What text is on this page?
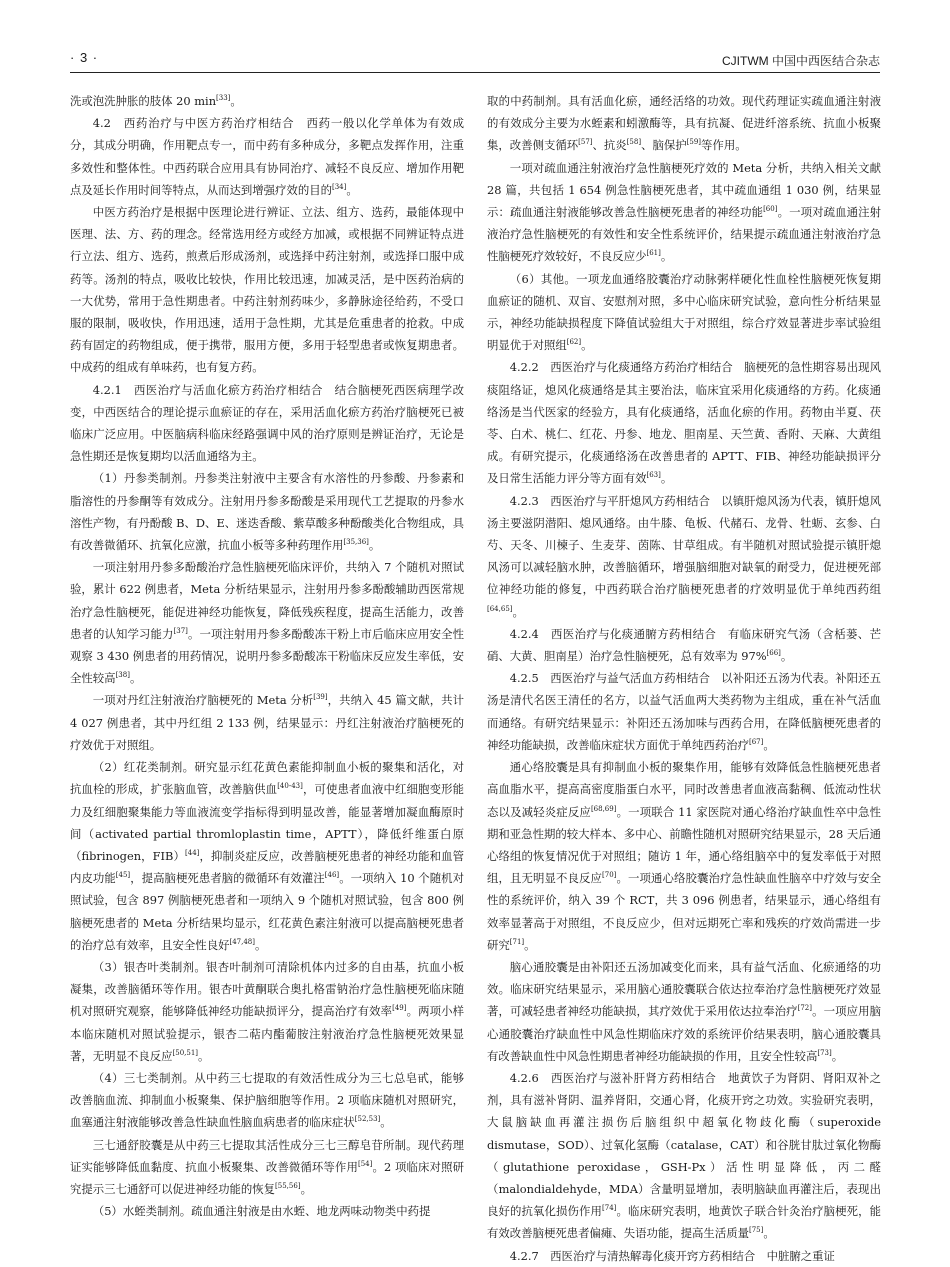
· 3 ·	CJITWM 中国中西医结合杂志

洗或泡洗肿胀的肢体 20 min[33]。

4.2　西药治疗与中医方药治疗相结合　西药一般以化学单体为有效成分，其成分明确，作用靶点专一，而中药有多种成分，多靶点发挥作用，注重多效性和整体性。中西药联合应用具有协同治疗、减轻不良反应、增加作用靶点及延长作用时间等特点，从而达到增强疗效的目的[34]。

中医方药治疗是根据中医理论进行辨证、立法、组方、选药，最能体现中医理、法、方、药的理念。经常选用经方或经方加减，或根据不同辨证特点进行立法、组方、选药，煎煮后形成汤剂，或选择中药注射剂，或选择口服中成药等。汤剂的特点，吸收比较快，作用比较迅速，加减灵活，是中医药治病的一大优势，常用于急性期患者。中药注射剂药味少，多静脉途径给药，不受口服的限制，吸收快，作用迅速，适用于急性期，尤其是危重患者的抢救。中成药有固定的药物组成，便于携带，服用方便，多用于轻型患者或恢复期患者。中成药的组成有单味药，也有复方药。

4.2.1　西医治疗与活血化瘀方药治疗相结合　结合脑梗死西医病理学改变，中西医结合的理论提示血瘀证的存在，采用活血化瘀方药治疗脑梗死已被临床广泛应用。中医脑病科临床经路强调中风的治疗原则是辨证治疗，无论是急性期还是恢复期均以活血通络为主。

（1）丹参类制剂。丹参类注射液中主要含有水溶性的丹参酸、丹参素和脂溶性的丹参酮等有效成分。注射用丹参多酚酸是采用现代工艺提取的丹参水溶性产物，有丹酚酸 B、D、E、迷迭香酸、紫草酸多种酚酸类化合物组成，具有改善微循环、抗氧化应激，抗血小板等多种药理作用[35,36]。

一项注射用丹参多酚酸治疗急性脑梗死临床评价，共纳入 7 个随机对照试验，累计 622 例患者，Meta 分析结果显示，注射用丹参多酚酸辅助西医常规治疗急性脑梗死，能促进神经功能恢复，降低残疾程度，提高生活能力，改善患者的认知学习能力[37]。一项注射用丹参多酚酸冻干粉上市后临床应用安全性观察 3 430 例患者的用药情况，说明丹参多酚酸冻干粉临床反应发生率低，安全性较高[38]。

一项对丹红注射液治疗脑梗死的 Meta 分析[39]，共纳入 45 篇文献，共计 4 027 例患者，其中丹红组 2 133 例，结果显示：丹红注射液治疗脑梗死的疗效优于对照组。

（2）红花类制剂。研究显示红花黄色素能抑制血小板的聚集和活化，对抗血栓的形成，扩张脑血管，改善脑供血[40-43]，可使患者血液中红细胞变形能力及红细胞聚集能力等血液流变学指标得到明显改善，能显著增加凝血酶原时间（activated partial thromloplastin time，APTT），降低纤维蛋白原（fibrinogen，FIB）[44]，抑制炎症反应，改善脑梗死患者的神经功能和血管内皮功能[45]，提高脑梗死患者脑的微循环有效灌注[46]。一项纳入 10 个随机对照试验，包含 897 例脑梗死患者和一项纳入 9 个随机对照试验，包含 800 例脑梗死患者的 Meta 分析结果均显示，红花黄色素注射液可以提高脑梗死患者的治疗总有效率，且安全性良好[47,48]。

（3）银杏叶类制剂。银杏叶制剂可清除机体内过多的自由基，抗血小板凝集，改善脑循环等作用。银杏叶黄酮联合奥扎格雷钠治疗急性脑梗死临床随机对照研究观察，能够降低神经功能缺损评分，提高治疗有效率[49]。两项小样本临床随机对照试验提示，银杏二萜内酯葡胺注射液治疗急性脑梗死效果显著，无明显不良反应[50,51]。

（4）三七类制剂。从中药三七提取的有效活性成分为三七总皂甙，能够改善脑血流、抑制血小板聚集、保护脑细胞等作用。2 项临床随机对照研究，血塞通注射液能够改善急性缺血性脑血病患者的临床症状[52,53]。

三七通舒胶囊是从中药三七提取其活性成分三七三醇皂苷所制。现代药理证实能够降低血黏度、抗血小板聚集、改善微循环等作用[54]。2 项临床对照研究提示三七通舒可以促进神经功能的恢复[55,56]。

（5）水蛭类制剂。疏血通注射液是由水蛭、地龙两味动物类中药提

取的中药制剂。具有活血化瘀，通经活络的功效。现代药理证实疏血通注射液的有效成分主要为水蛭素和蚓激酶等，具有抗凝、促进纤溶系统、抗血小板聚集，改善侧支循环[57]、抗炎[58]、脑保护[59]等作用。

一项对疏血通注射液治疗急性脑梗死疗效的 Meta 分析，共纳入相关文献 28 篇，共包括 1 654 例急性脑梗死患者，其中疏血通组 1 030 例，结果显示：疏血通注射液能够改善急性脑梗死患者的神经功能[60]。一项对疏血通注射液治疗急性脑梗死的有效性和安全性系统评价，结果提示疏血通注射液治疗急性脑梗死疗效较好，不良反应少[61]。

（6）其他。一项龙血通络胶囊治疗动脉粥样硬化性血栓性脑梗死恢复期血瘀证的随机、双盲、安慰剂对照，多中心临床研究试验，意向性分析结果显示，神经功能缺损程度下降值试验组大于对照组，综合疗效显著进步率试验组明显优于对照组[62]。

4.2.2　西医治疗与化痰通络方药治疗相结合　脑梗死的急性期容易出现风痰阻络证，熄风化痰通络是其主要治法，临床宜采用化痰通络的方药。化痰通络汤是当代医家的经验方，具有化痰通络，活血化瘀的作用。药物由半夏、茯苓、白术、桃仁、红花、丹参、地龙、胆南星、天竺黄、香附、天麻、大黄组成。有研究提示，化痰通络汤在改善患者的 APTT、FIB、神经功能缺损评分及日常生活能力评分等方面有效[63]。

4.2.3　西医治疗与平肝熄风方药相结合　以镇肝熄风汤为代表，镇肝熄风汤主要滋阴潜阳、熄风通络。由牛膝、龟板、代赭石、龙骨、牡蛎、玄参、白芍、天冬、川楝子、生麦芽、茵陈、甘草组成。有半随机对照试验提示镇肝熄风汤可以减轻脑水肿，改善脑循环，增强脑细胞对缺氧的耐受力，促进梗死部位神经功能的修复，中西药联合治疗脑梗死患者的疗效明显优于单纯西药组[64,65]。

4.2.4　西医治疗与化痰通腑方药相结合　有临床研究气汤（含栝蒌、芒硝、大黄、胆南星）治疗急性脑梗死，总有效率为 97%[66]。

4.2.5　西医治疗与益气活血方药相结合　以补阳还五汤为代表。补阳还五汤是清代名医王清任的名方，以益气活血两大类药物为主组成，重在补气活血而通络。有研究结果显示：补阳还五汤加味与西药合用，在降低脑梗死患者的神经功能缺损，改善临床症状方面优于单纯西药治疗[67]。

通心络胶囊是具有抑制血小板的聚集作用，能够有效降低急性脑梗死患者高血脂水平，提高高密度脂蛋白水平，同时改善患者血液高黏稠、低流动性状态以及减轻炎症反应[68,69]。一项联合 11 家医院对通心络治疗缺血性卒中急性期和亚急性期的较大样本、多中心、前瞻性随机对照研究结果显示，28 天后通心络组的恢复情况优于对照组；随访 1 年，通心络组脑卒中的复发率低于对照组，且无明显不良反应[70]。一项通心络胶囊治疗急性缺血性脑卒中疗效与安全性的系统评价，纳入 39 个 RCT，共 3 096 例患者，结果显示，通心络组有效率显著高于对照组，不良反应少，但对远期死亡率和残疾的疗效尚需进一步研究[71]。

脑心通胶囊是由补阳还五汤加减变化而来，具有益气活血、化瘀通络的功效。临床研究结果显示，采用脑心通胶囊联合依达拉奉治疗急性脑梗死疗效显著，可减轻患者神经功能缺损，其疗效优于采用依达拉奉治疗[72]。一项应用脑心通胶囊治疗缺血性中风急性期临床疗效的系统评价结果表明，脑心通胶囊具有改善缺血性中风急性期患者神经功能缺损的作用，且安全性较高[73]。

4.2.6　西医治疗与滋补肝肾方药相结合　地黄饮子为肾阴、肾阳双补之剂，具有滋补肾阴、温养肾阳，交通心肾，化痰开窍之功效。实验研究表明，大鼠脑缺血再灌注损伤后脑组织中超氧化物歧化酶（superoxide dismutase，SOD）、过氧化氢酶（catalase，CAT）和谷胱甘肽过氧化物酶（glutathione peroxidase，GSH-Px）活性明显降低，丙二醛（malondialdehyde，MDA）含量明显增加，表明脑缺血再灌注后，表现出良好的抗氧化损伤作用[74]。临床研究表明，地黄饮子联合针灸治疗脑梗死，能有效改善脑梗死患者偏瘫、失语功能，提高生活质量[75]。

4.2.7　西医治疗与清热解毒化痰开窍方药相结合　中脏腑之重证
